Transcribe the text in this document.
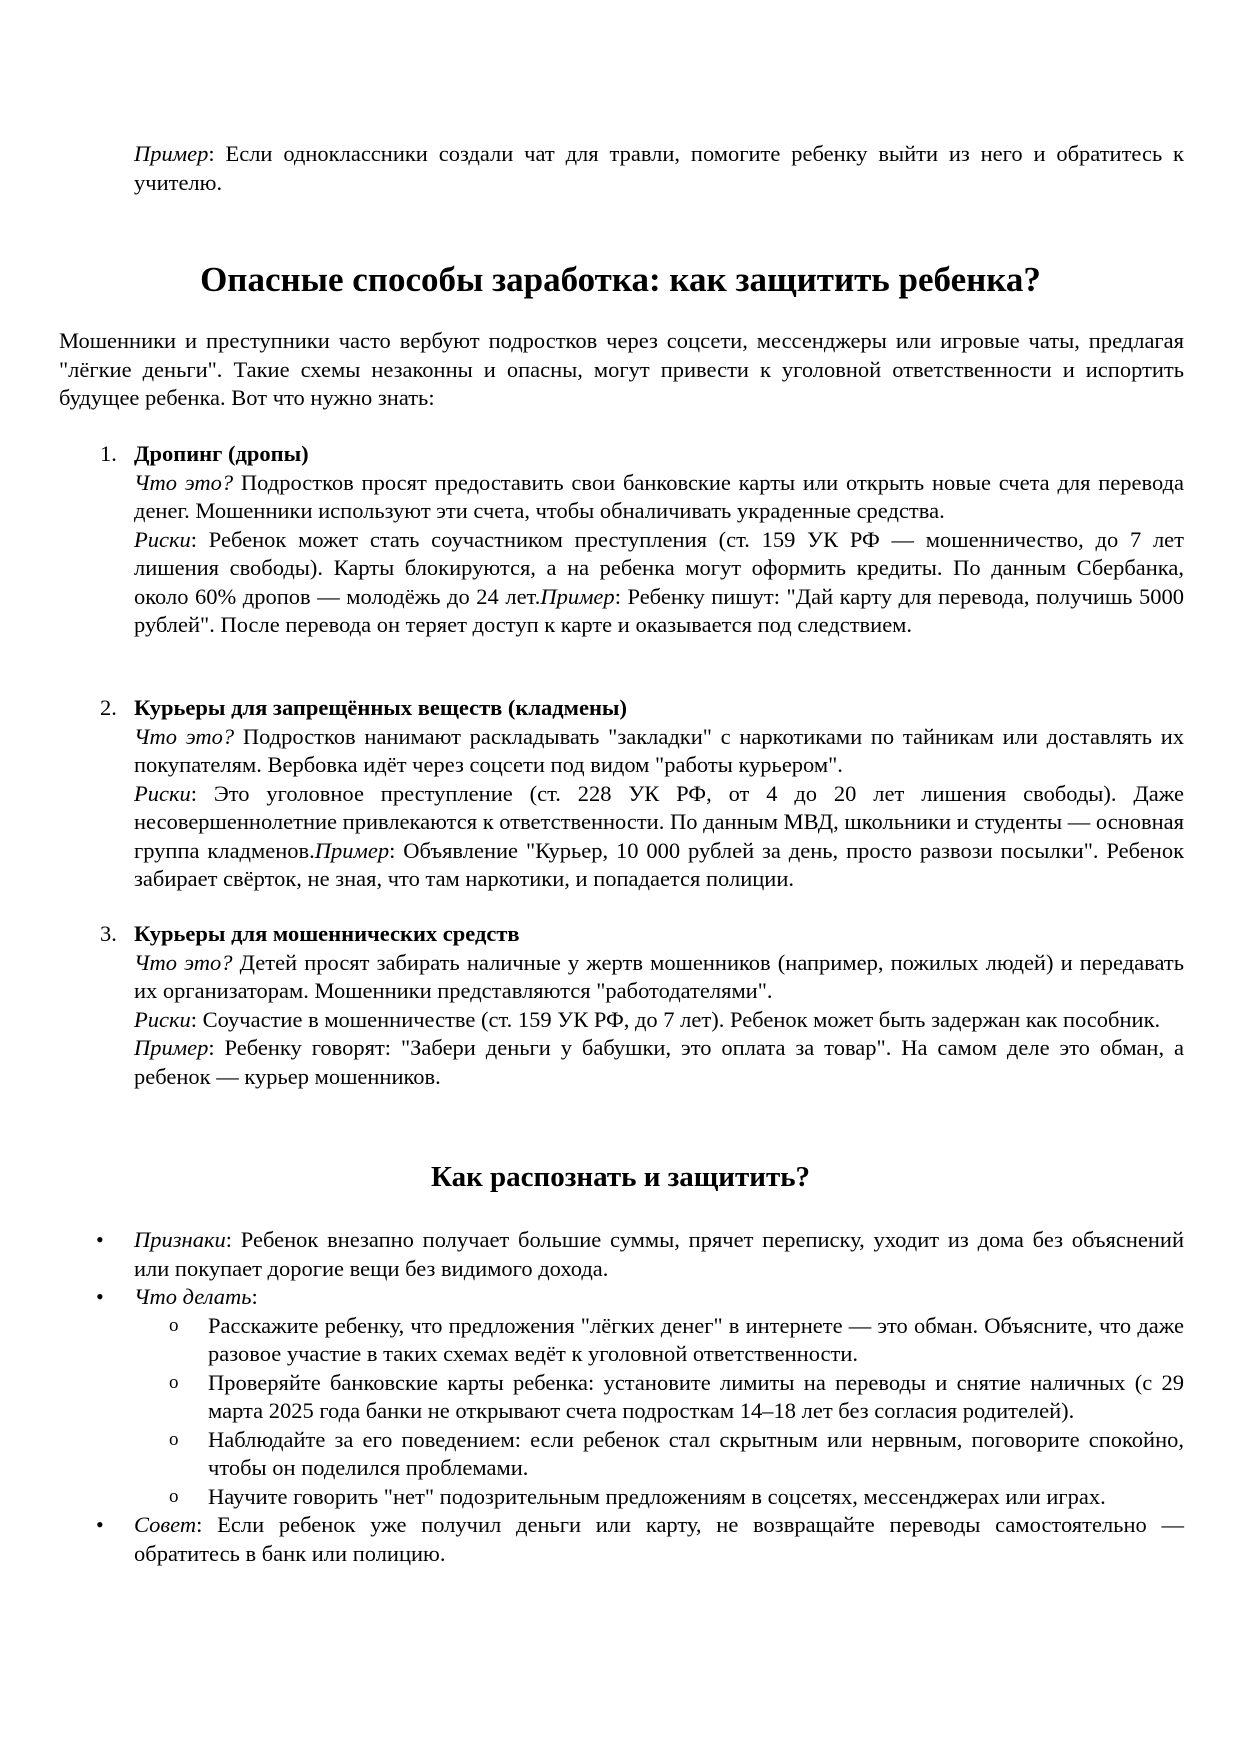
Пример: Если одноклассники создали чат для травли, помогите ребенку выйти из него и обратитесь к учителю.

Опасные способы заработка: как защитить ребенка?

Мошенники и преступники часто вербуют подростков через соцсети, мессенджеры или игровые чаты, предлагая "лёгкие деньги". Такие схемы незаконны и опасны, могут привести к уголовной ответственности и испортить будущее ребенка. Вот что нужно знать:

1. Дропинг (дропы)

Что это? Подростков просят предоставить свои банковские карты или открыть новые счета для перевода денег. Мошенники используют эти счета, чтобы обналичивать украденные средства.

Риски: Ребенок может стать соучастником преступления (ст. 159 УК РФ — мошенничество, до 7 лет лишения свободы). Карты блокируются, а на ребенка могут оформить кредиты. По данным Сбербанка, около 60% дропов — молодёжь до 24 лет.Пример: Ребенку пишут: "Дай карту для перевода, получишь 5000 рублей". После перевода он теряет доступ к карте и оказывается под следствием.

2. Курьеры для запрещённых веществ (кладмены)

Что это? Подростков нанимают раскладывать "закладки" с наркотиками по тайникам или доставлять их покупателям. Вербовка идёт через соцсети под видом "работы курьером".

Риски: Это уголовное преступление (ст. 228 УК РФ, от 4 до 20 лет лишения свободы). Даже несовершеннолетние привлекаются к ответственности. По данным МВД, школьники и студенты — основная группа кладменов.Пример: Объявление "Курьер, 10 000 рублей за день, просто развози посылки". Ребенок забирает свёрток, не зная, что там наркотики, и попадается полиции.

3. Курьеры для мошеннических средств

Что это? Детей просят забирать наличные у жертв мошенников (например, пожилых людей) и передавать их организаторам. Мошенники представляются "работодателями".

Риски: Соучастие в мошенничестве (ст. 159 УК РФ, до 7 лет). Ребенок может быть задержан как пособник.

Пример: Ребенку говорят: "Забери деньги у бабушки, это оплата за товар". На самом деле это обман, а ребенок — курьер мошенников.

Как распознать и защитить?
• Признаки: Ребенок внезапно получает большие суммы, прячет переписку, уходит из дома без объяснений или покупает дорогие вещи без видимого дохода.
• Что делать:
o Расскажите ребенку, что предложения "лёгких денег" в интернете — это обман. Объясните, что даже разовое участие в таких схемах ведёт к уголовной ответственности.
o Проверяйте банковские карты ребенка: установите лимиты на переводы и снятие наличных (с 29 марта 2025 года банки не открывают счета подросткам 14–18 лет без согласия родителей).
o Наблюдайте за его поведением: если ребенок стал скрытным или нервным, поговорите спокойно, чтобы он поделился проблемами.
o Научите говорить "нет" подозрительным предложениям в соцсетях, мессенджерах или играх.
• Совет: Если ребенок уже получил деньги или карту, не возвращайте переводы самостоятельно — обратитесь в банк или полицию.
